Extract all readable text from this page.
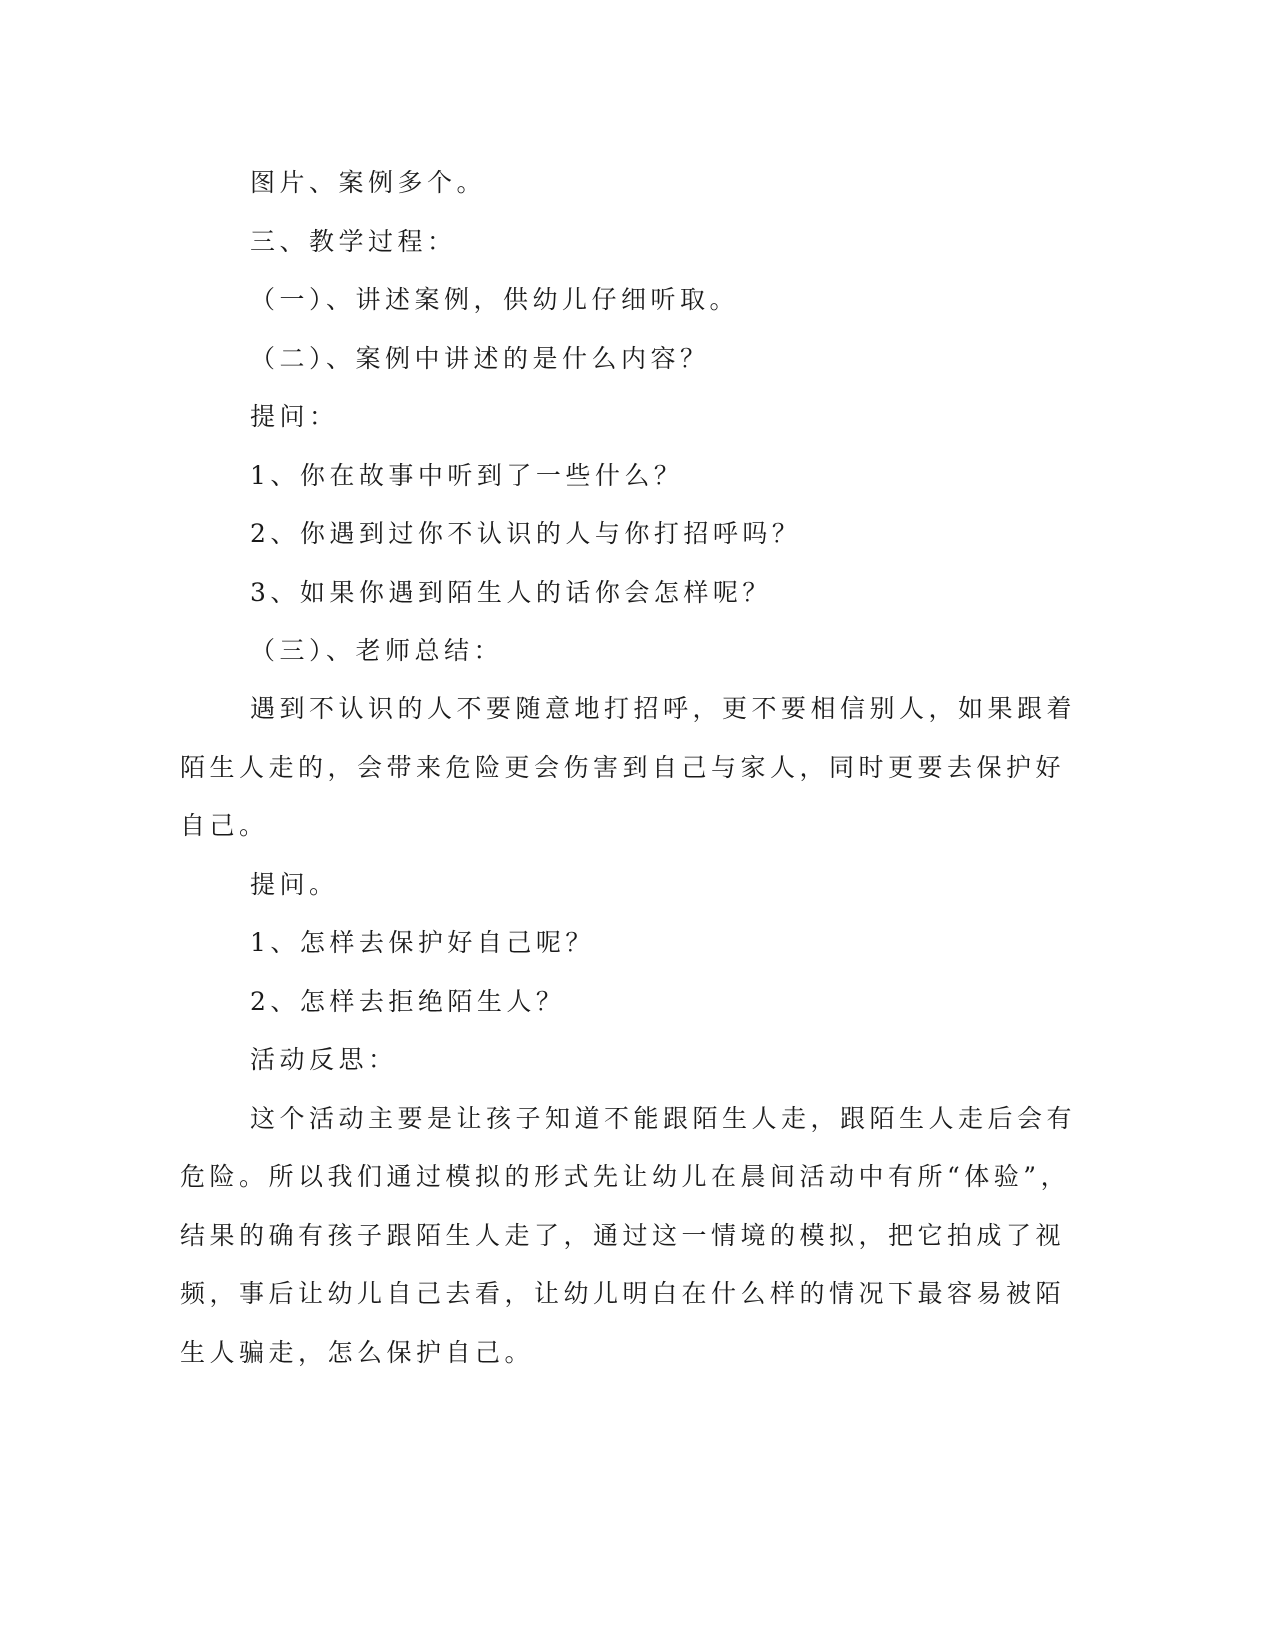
图片、案例多个。

三、教学过程：

（一）、讲述案例，供幼儿仔细听取。

（二）、案例中讲述的是什么内容？

提问：

1、你在故事中听到了一些什么？

2、你遇到过你不认识的人与你打招呼吗？

3、如果你遇到陌生人的话你会怎样呢？

（三）、老师总结：

遇到不认识的人不要随意地打招呼，更不要相信别人，如果跟着

陌生人走的，会带来危险更会伤害到自己与家人，同时更要去保护好

自己。

提问。

1、怎样去保护好自己呢？

2、怎样去拒绝陌生人？

活动反思：

这个活动主要是让孩子知道不能跟陌生人走，跟陌生人走后会有

危险。所以我们通过模拟的形式先让幼儿在晨间活动中有所“体验”，

结果的确有孩子跟陌生人走了，通过这一情境的模拟，把它拍成了视

频，事后让幼儿自己去看，让幼儿明白在什么样的情况下最容易被陌

生人骗走，怎么保护自己。
